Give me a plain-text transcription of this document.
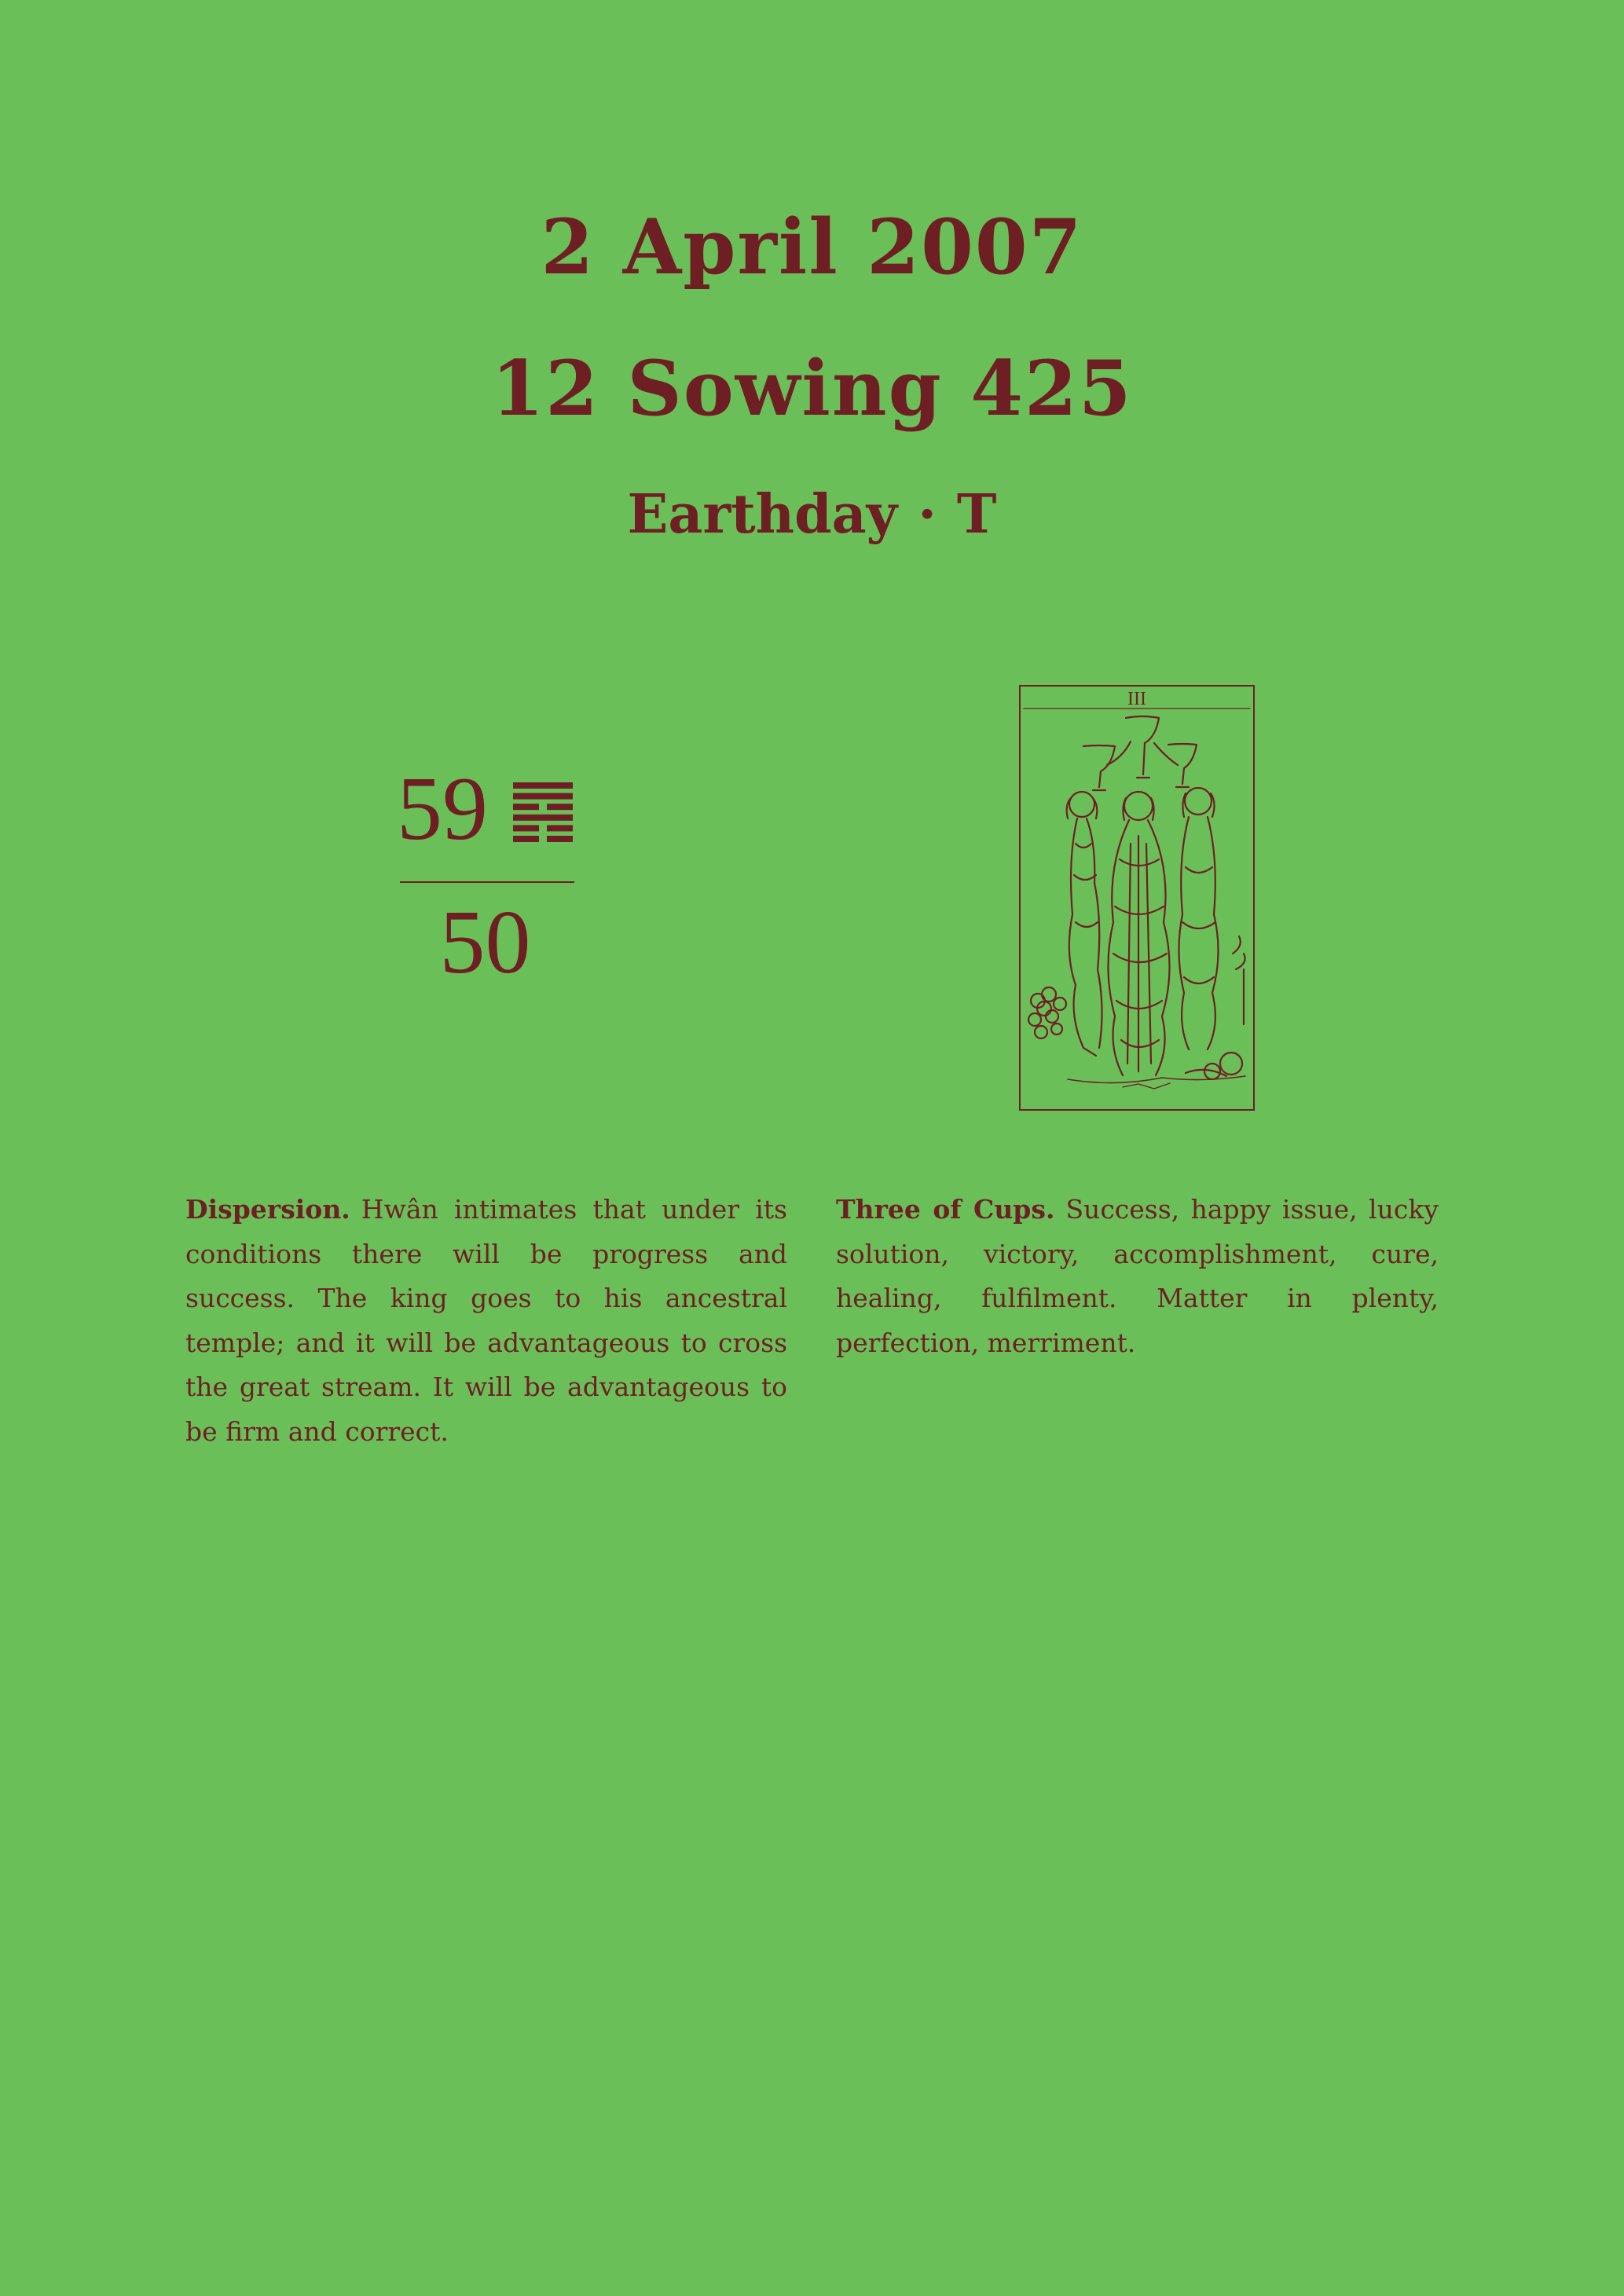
2 April 2007
12 Sowing 425
Earthday · T
59
50
III
Dispersion. Hwân intimates that under its conditions there will be progress and success. The king goes to his ancestral temple; and it will be advantageous to cross the great stream. It will be advantageous to be firm and correct.
Three of Cups. Success, happy issue, lucky solution, victory, accomplishment, cure, healing, fulfilment. Matter in plenty, perfection, merriment.
